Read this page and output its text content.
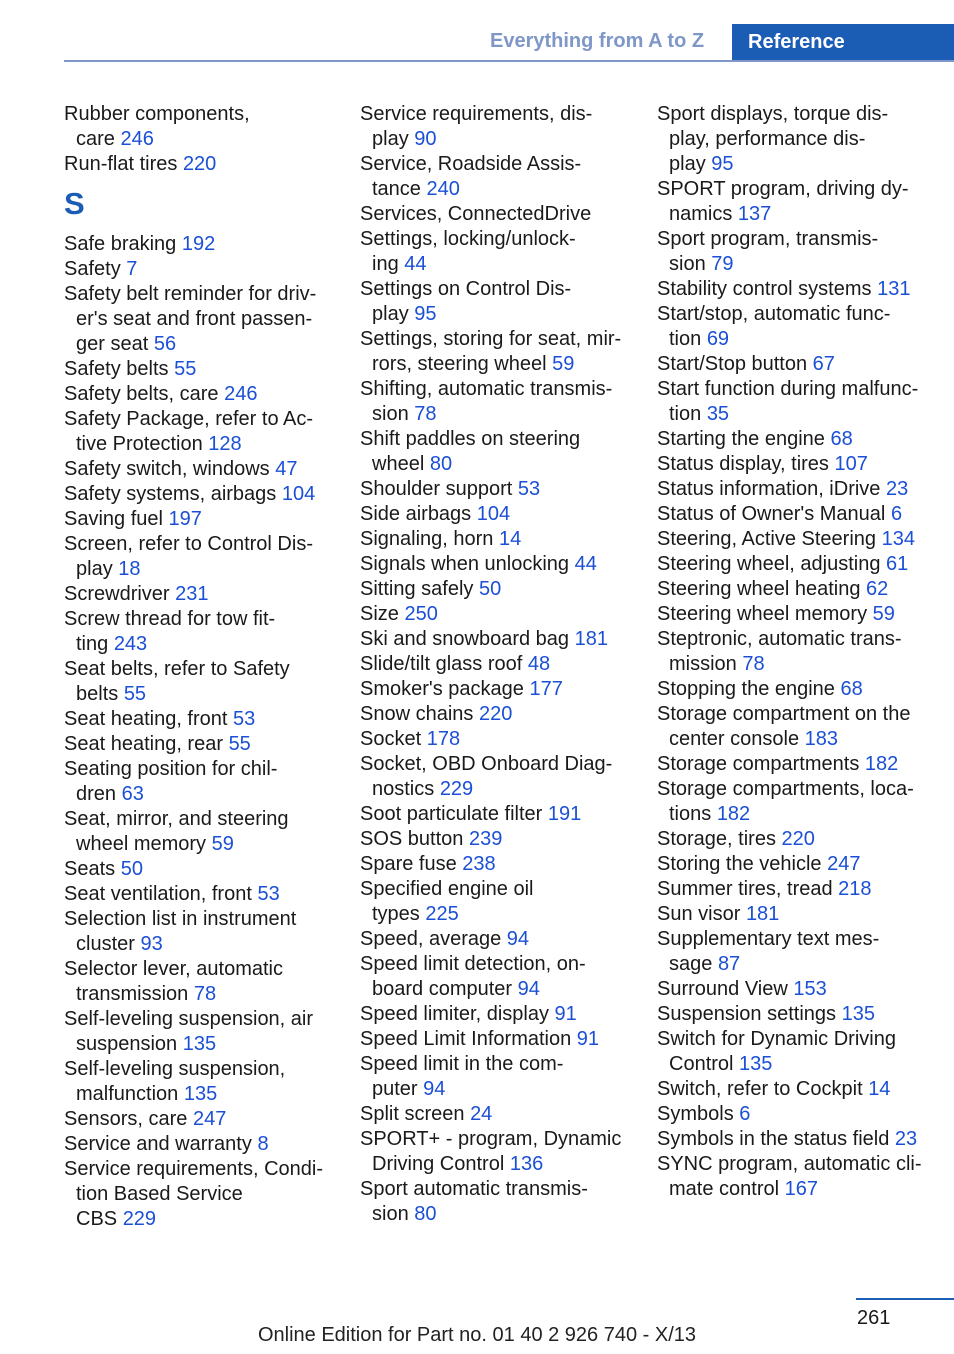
Everything from A to Z	Reference
Rubber components,
care 246
Run-flat tires 220
S
Safe braking 192
Safety 7
Safety belt reminder for driv-
er's seat and front passen-
ger seat 56
Safety belts 55
Safety belts, care 246
Safety Package, refer to Ac-
tive Protection 128
Safety switch, windows 47
Safety systems, airbags 104
Saving fuel 197
Screen, refer to Control Dis-
play 18
Screwdriver 231
Screw thread for tow fit-
ting 243
Seat belts, refer to Safety
belts 55
Seat heating, front 53
Seat heating, rear 55
Seating position for chil-
dren 63
Seat, mirror, and steering
wheel memory 59
Seats 50
Seat ventilation, front 53
Selection list in instrument
cluster 93
Selector lever, automatic
transmission 78
Self-leveling suspension, air
suspension 135
Self-leveling suspension,
malfunction 135
Sensors, care 247
Service and warranty 8
Service requirements, Condi-
tion Based Service
CBS 229
Service requirements, dis-
play 90
Service, Roadside Assis-
tance 240
Services, ConnectedDrive
Settings, locking/unlock-
ing 44
Settings on Control Dis-
play 95
Settings, storing for seat, mir-
rors, steering wheel 59
Shifting, automatic transmis-
sion 78
Shift paddles on steering
wheel 80
Shoulder support 53
Side airbags 104
Signaling, horn 14
Signals when unlocking 44
Sitting safely 50
Size 250
Ski and snowboard bag 181
Slide/tilt glass roof 48
Smoker's package 177
Snow chains 220
Socket 178
Socket, OBD Onboard Diag-
nostics 229
Soot particulate filter 191
SOS button 239
Spare fuse 238
Specified engine oil
types 225
Speed, average 94
Speed limit detection, on-
board computer 94
Speed limiter, display 91
Speed Limit Information 91
Speed limit in the com-
puter 94
Split screen 24
SPORT+ - program, Dynamic
Driving Control 136
Sport automatic transmis-
sion 80
Sport displays, torque dis-
play, performance dis-
play 95
SPORT program, driving dy-
namics 137
Sport program, transmis-
sion 79
Stability control systems 131
Start/stop, automatic func-
tion 69
Start/Stop button 67
Start function during malfunc-
tion 35
Starting the engine 68
Status display, tires 107
Status information, iDrive 23
Status of Owner's Manual 6
Steering, Active Steering 134
Steering wheel, adjusting 61
Steering wheel heating 62
Steering wheel memory 59
Steptronic, automatic trans-
mission 78
Stopping the engine 68
Storage compartment on the
center console 183
Storage compartments 182
Storage compartments, loca-
tions 182
Storage, tires 220
Storing the vehicle 247
Summer tires, tread 218
Sun visor 181
Supplementary text mes-
sage 87
Surround View 153
Suspension settings 135
Switch for Dynamic Driving
Control 135
Switch, refer to Cockpit 14
Symbols 6
Symbols in the status field 23
SYNC program, automatic cli-
mate control 167
261
Online Edition for Part no. 01 40 2 926 740 - X/13
